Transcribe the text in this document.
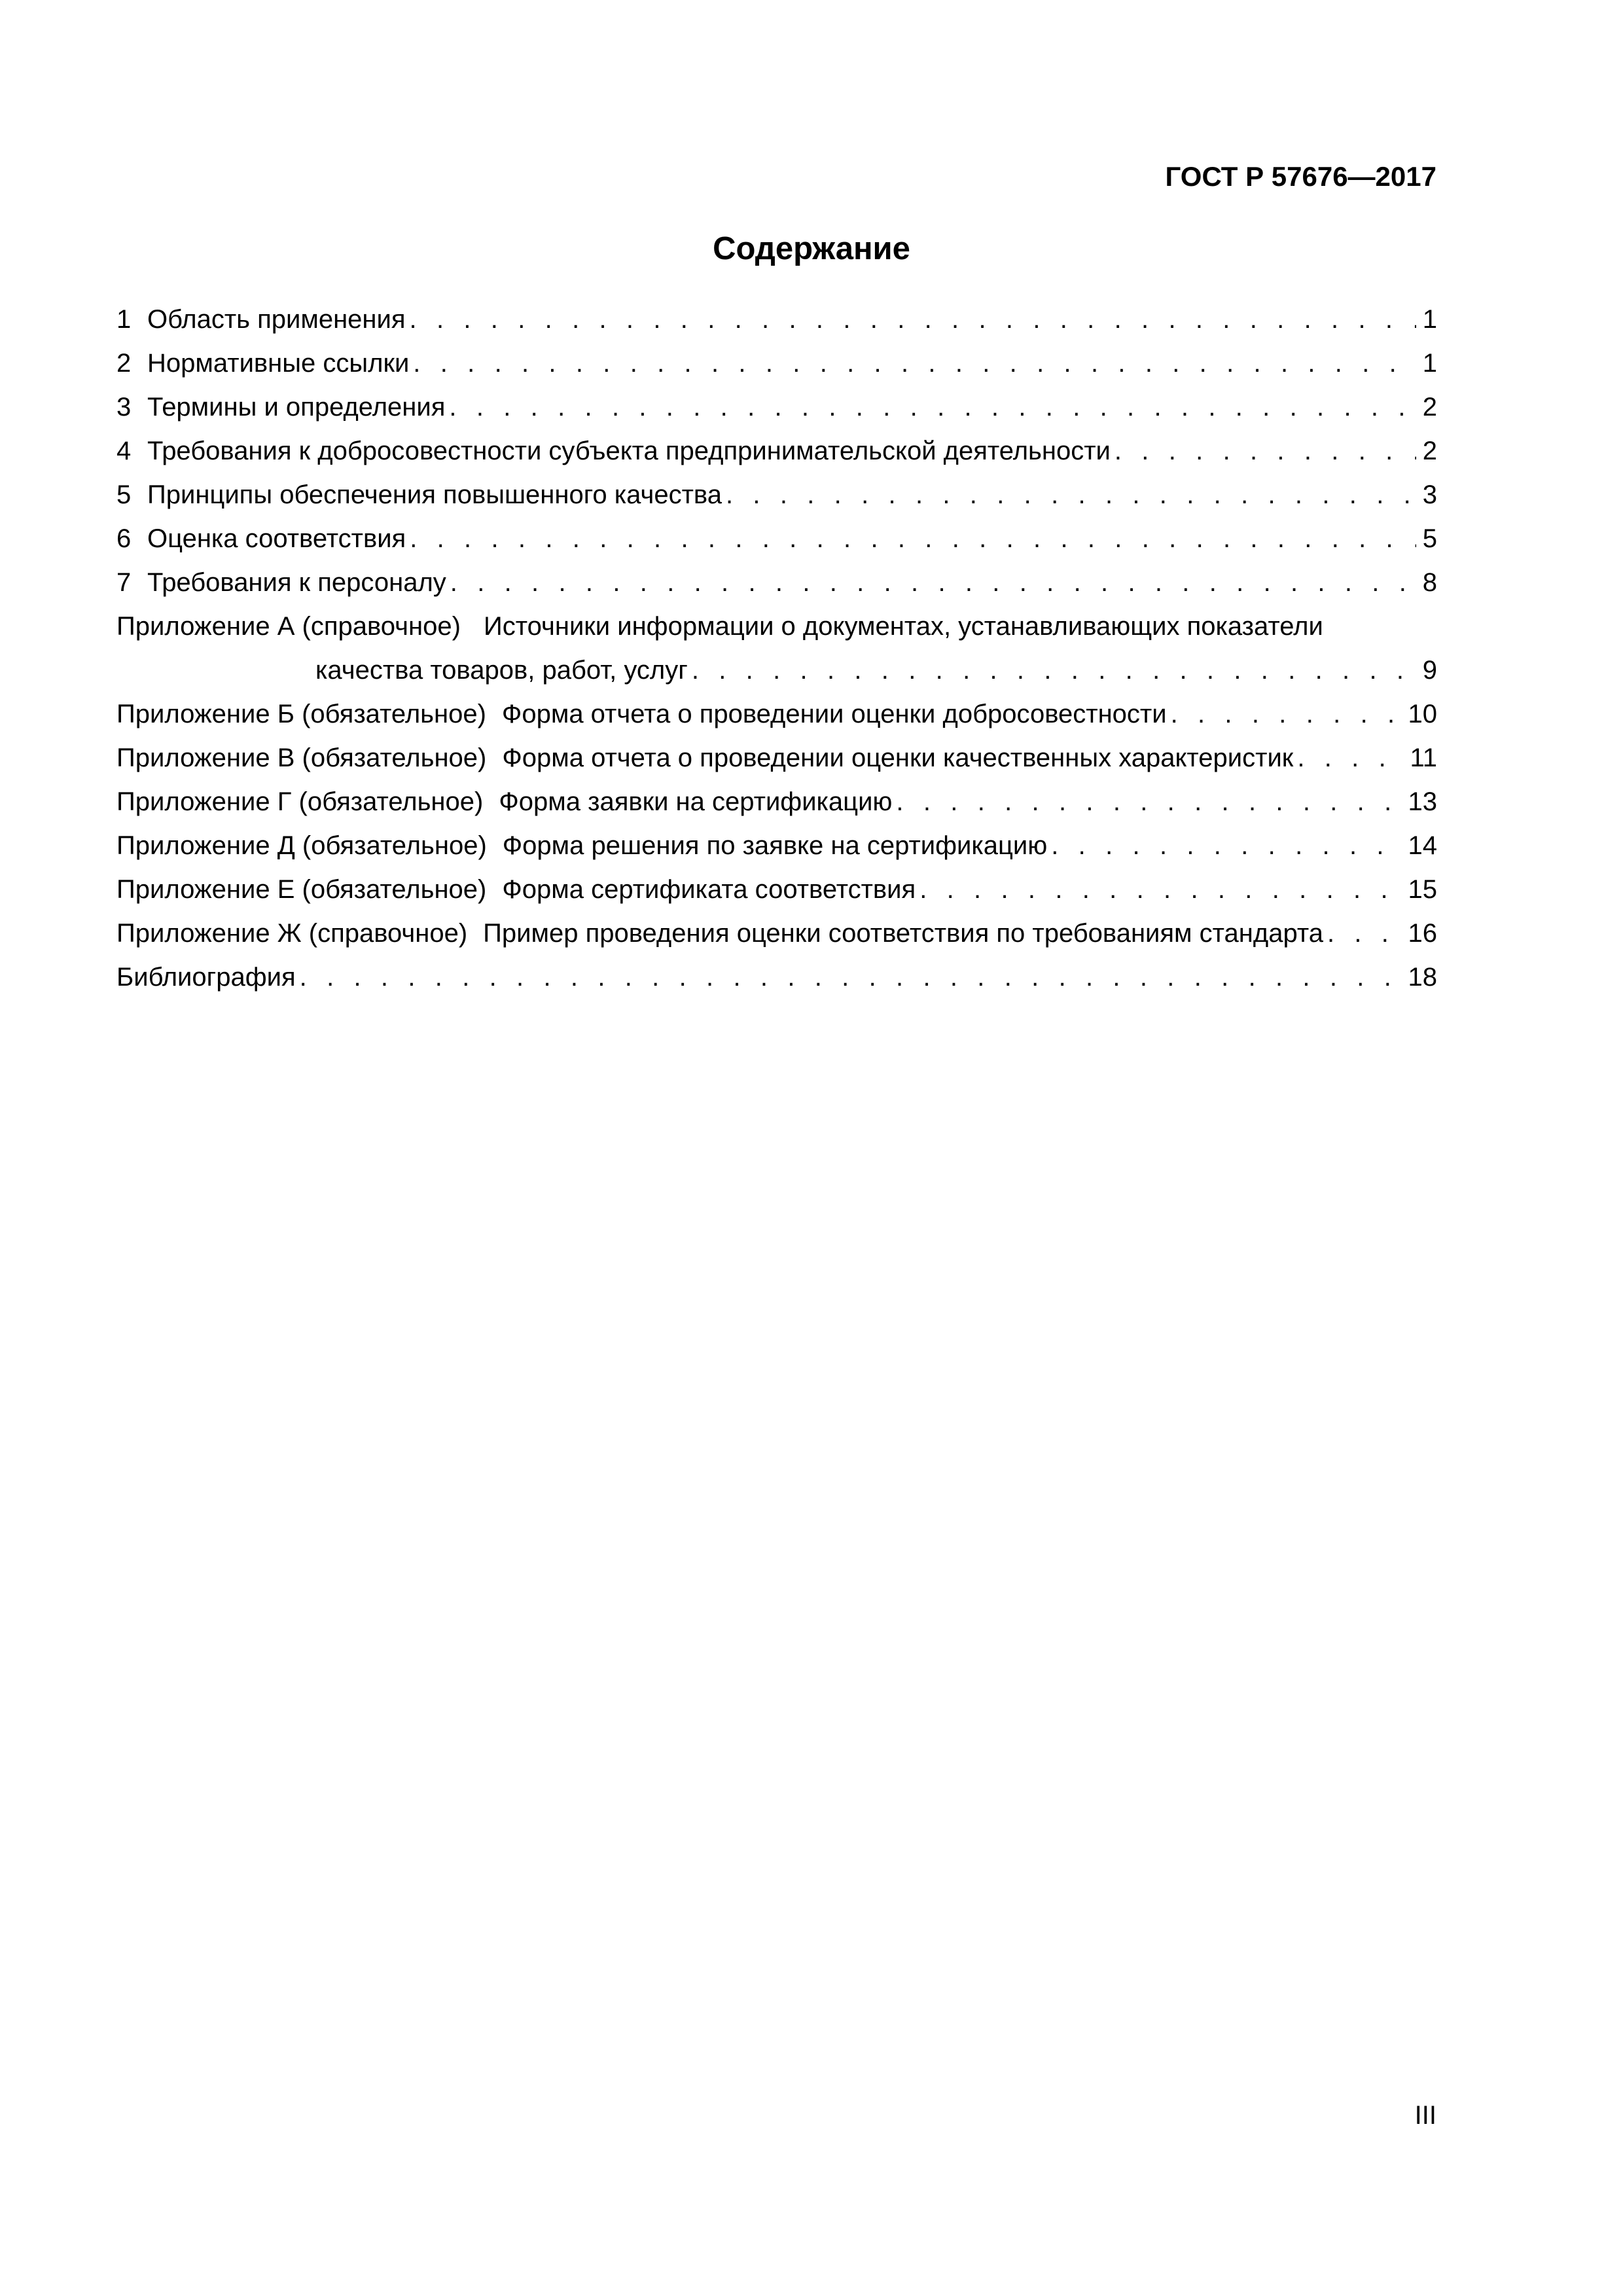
ГОСТ Р 57676—2017
Содержание
1 Область применения . . .	1
2 Нормативные ссылки . . .	1
3 Термины и определения . . .	2
4 Требования к добросовестности субъекта предпринимательской деятельности . . .	2
5 Принципы обеспечения повышенного качества . . .	3
6 Оценка соответствия . . .	5
7 Требования к персоналу . . .	8
Приложение А (справочное) Источники информации о документах, устанавливающих показатели
качества товаров, работ, услуг . . .	9
Приложение Б (обязательное) Форма отчета о проведении оценки добросовестности . . .	10
Приложение В (обязательное) Форма отчета о проведении оценки качественных характеристик . . .	11
Приложение Г (обязательное) Форма заявки на сертификацию . . .	13
Приложение Д (обязательное) Форма решения по заявке на сертификацию . . .	14
Приложение Е (обязательное) Форма сертификата соответствия . . .	15
Приложение Ж (справочное) Пример проведения оценки соответствия по требованиям стандарта . . .	16
Библиография . . .	18
III
